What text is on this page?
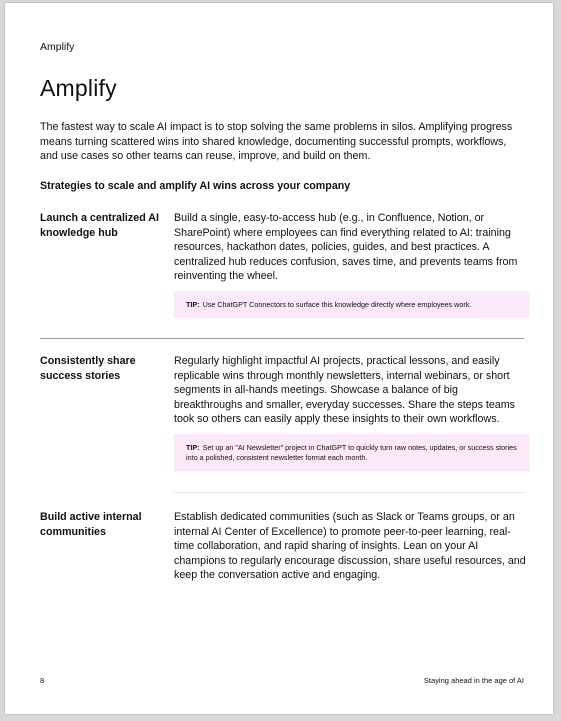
Amplify
Amplify

The fastest way to scale AI impact is to stop solving the same problems in silos. Amplifying progress means turning scattered wins into shared knowledge, documenting successful prompts, workflows, and use cases so other teams can reuse, improve, and build on them.

Strategies to scale and amplify AI wins across your company

Launch a centralized AI knowledge hub
Build a single, easy-to-access hub (e.g., in Confluence, Notion, or SharePoint) where employees can find everything related to AI: training resources, hackathon dates, policies, guides, and best practices. A centralized hub reduces confusion, saves time, and prevents teams from reinventing the wheel.
TIP: Use ChatGPT Connectors to surface this knowledge directly where employees work.
Consistently share success stories
Regularly highlight impactful AI projects, practical lessons, and easily replicable wins through monthly newsletters, internal webinars, or short segments in all-hands meetings. Showcase a balance of big breakthroughs and smaller, everyday successes. Share the steps teams took so others can easily apply these insights to their own workflows.
TIP: Set up an "AI Newsletter" project in ChatGPT to quickly turn raw notes, updates, or success stories into a polished, consistent newsletter format each month.
Build active internal communities
Establish dedicated communities (such as Slack or Teams groups, or an internal AI Center of Excellence) to promote peer-to-peer learning, real-time collaboration, and rapid sharing of insights. Lean on your AI champions to regularly encourage discussion, share useful resources, and keep the conversation active and engaging.
8	Staying ahead in the age of AI
